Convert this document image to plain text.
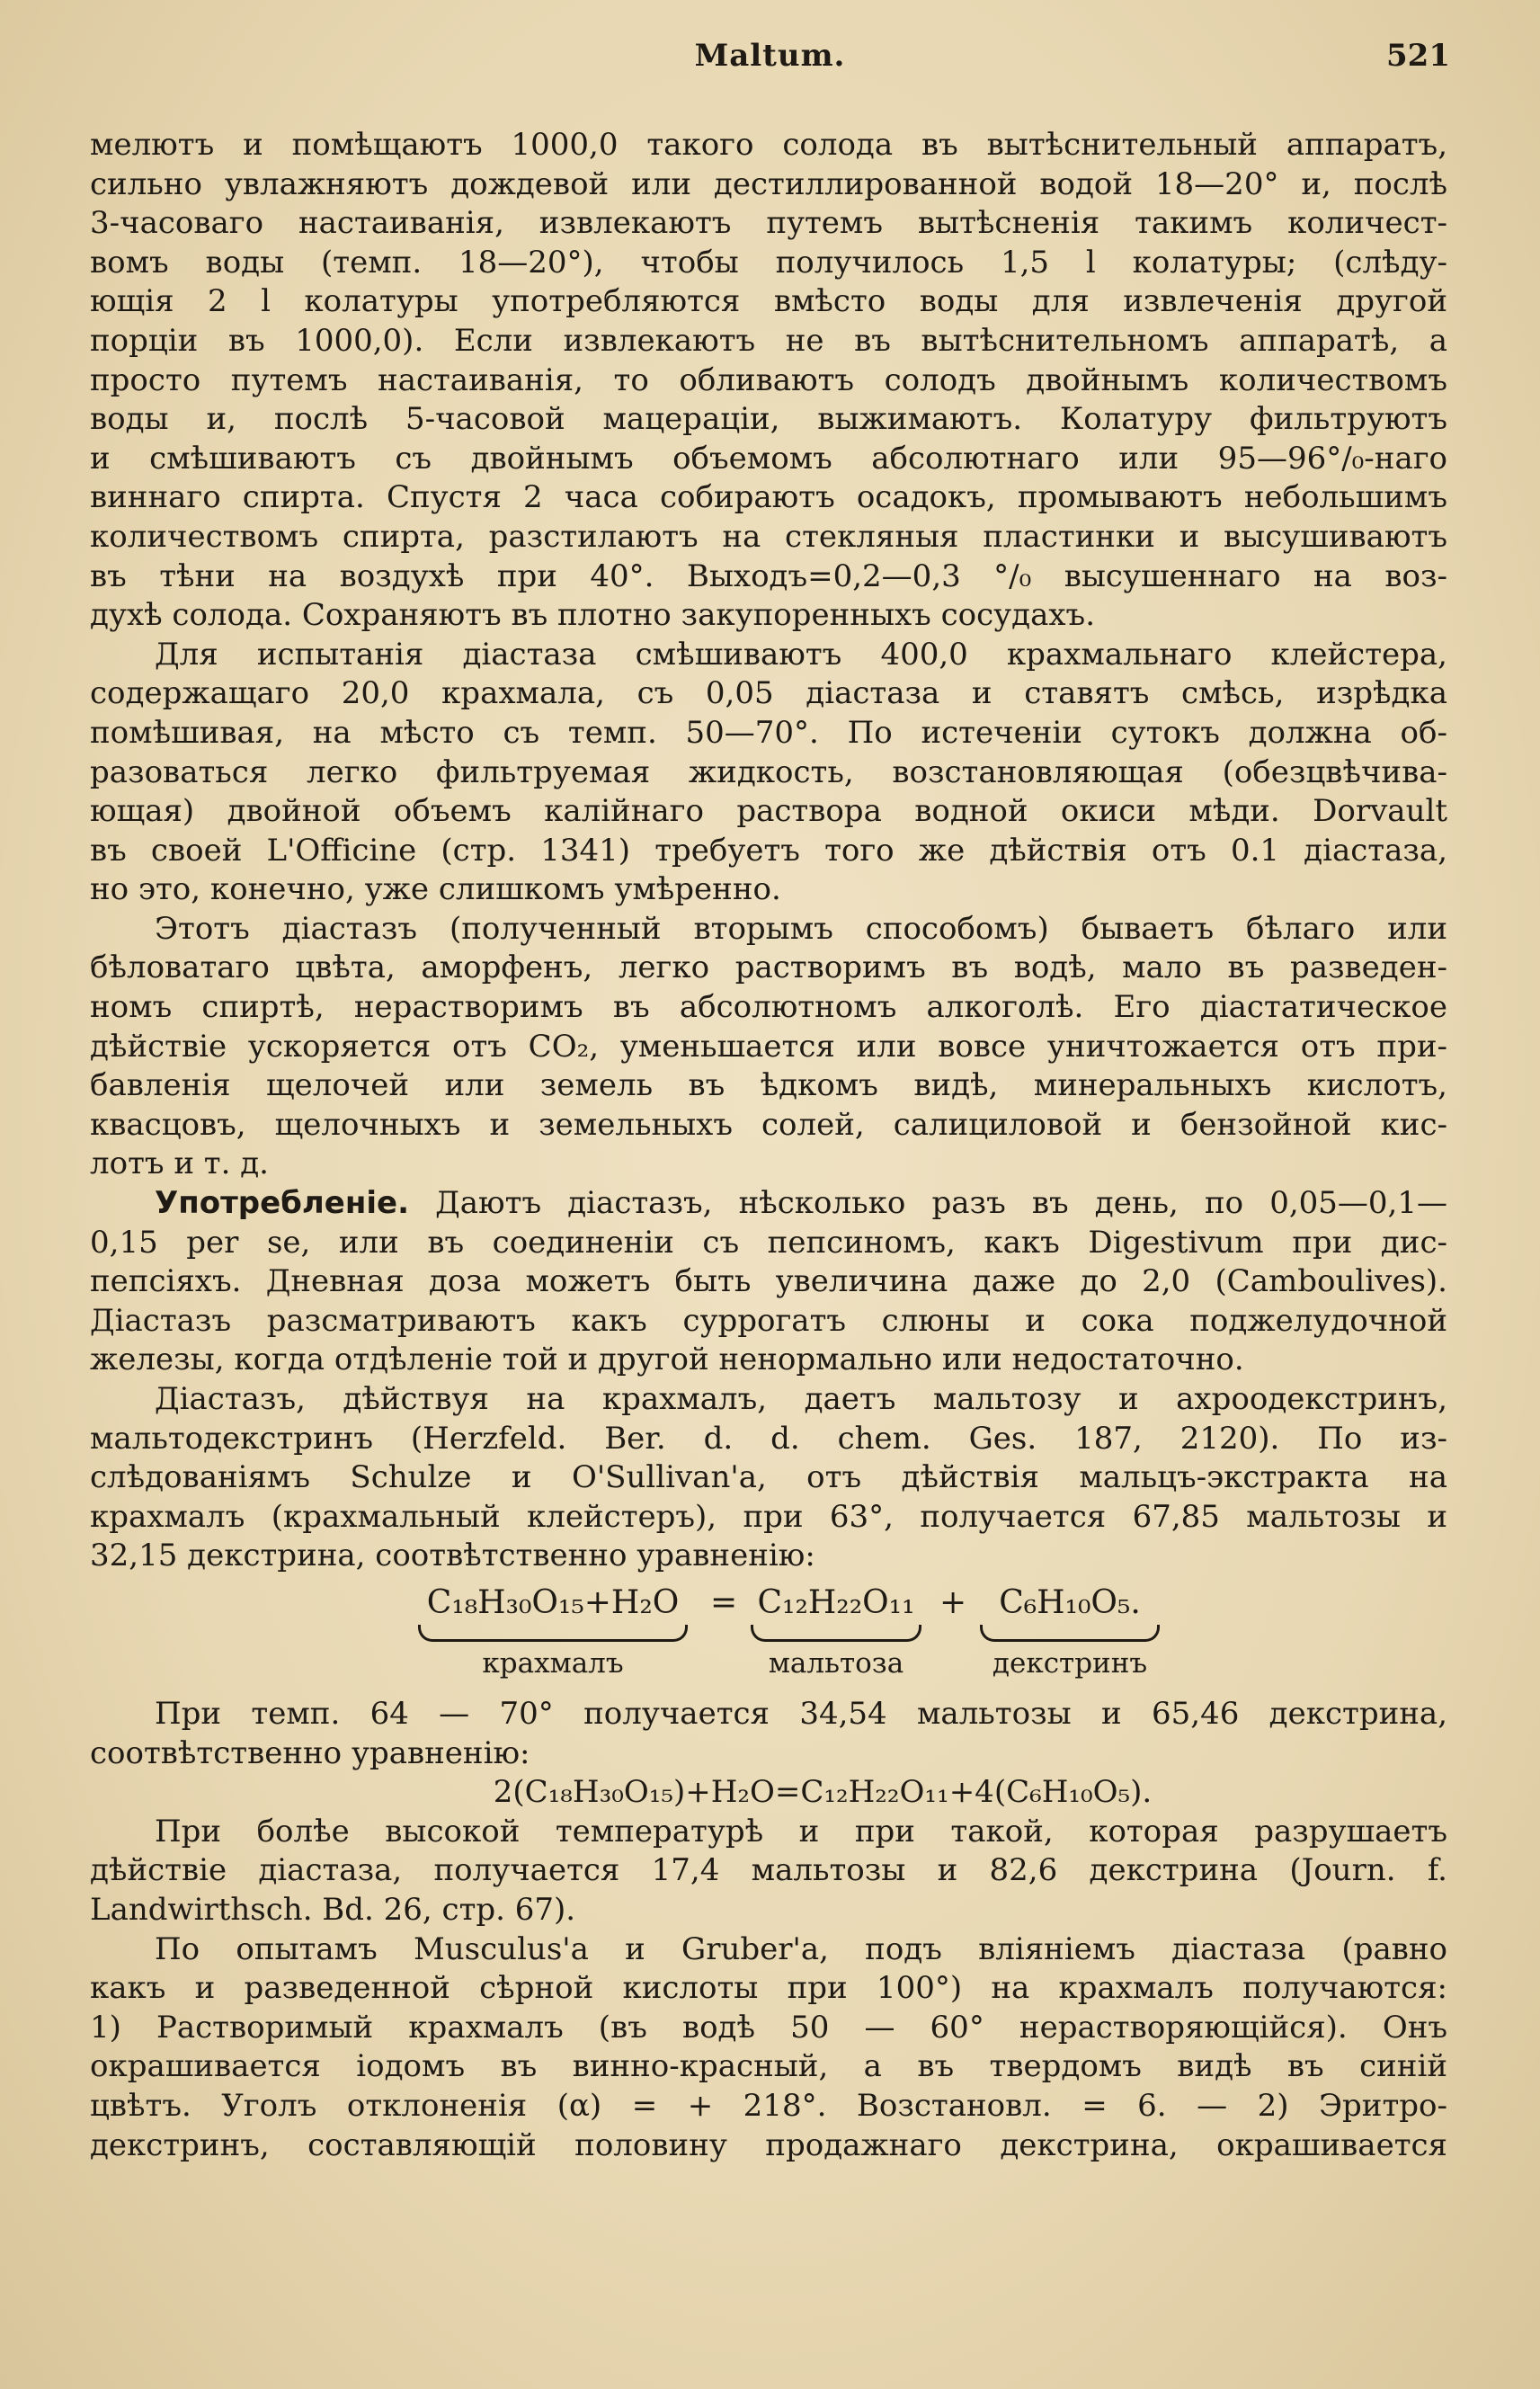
Maltum.	521
мелютъ и помѣщаютъ 1000,0 такого солода въ вытѣснительный аппаратъ,
сильно увлажняютъ дождевой или дестиллированной водой 18—20° и, послѣ
3-часоваго настаиванія, извлекаютъ путемъ вытѣсненія такимъ количест-
вомъ воды (темп. 18—20°), чтобы получилось 1,5 l колатуры; (слѣду-
ющія 2 l колатуры употребляются вмѣсто воды для извлеченія другой
порціи въ 1000,0). Если извлекаютъ не въ вытѣснительномъ аппаратѣ, а
просто путемъ настаиванія, то обливаютъ солодъ двойнымъ количествомъ
воды и, послѣ 5-часовой мацераціи, выжимаютъ. Колатуру фильтруютъ
и смѣшиваютъ съ двойнымъ объемомъ абсолютнаго или 95—96°/₀-наго
виннаго спирта. Спустя 2 часа собираютъ осадокъ, промываютъ небольшимъ
количествомъ спирта, разстилаютъ на стекляныя пластинки и высушиваютъ
въ тѣни на воздухѣ при 40°. Выходъ=0,2—0,3 °/₀ высушеннаго на воз-
духѣ солода. Сохраняютъ въ плотно закупоренныхъ сосудахъ.
Для испытанія діастаза смѣшиваютъ 400,0 крахмальнаго клейстера,
содержащаго 20,0 крахмала, съ 0,05 діастаза и ставятъ смѣсь, изрѣдка
помѣшивая, на мѣсто съ темп. 50—70°. По истеченіи сутокъ должна об-
разоваться легко фильтруемая жидкость, возстановляющая (обезцвѣчива-
ющая) двойной объемъ калійнаго раствора водной окиси мѣди. Dorvault
въ своей L'Officine (стр. 1341) требуетъ того же дѣйствія отъ 0.1 діастаза,
но это, конечно, уже слишкомъ умѣренно.
Этотъ діастазъ (полученный вторымъ способомъ) бываетъ бѣлаго или
бѣловатаго цвѣта, аморфенъ, легко растворимъ въ водѣ, мало въ разведен-
номъ спиртѣ, нерастворимъ въ абсолютномъ алкоголѣ. Его діастатическое
дѣйствіе ускоряется отъ CO₂, уменьшается или вовсе уничтожается отъ при-
бавленія щелочей или земель въ ѣдкомъ видѣ, минеральныхъ кислотъ,
квасцовъ, щелочныхъ и земельныхъ солей, салициловой и бензойной кис-
лотъ и т. д.
Употребленіе. Даютъ діастазъ, нѣсколько разъ въ день, по 0,05—0,1—
0,15 per se, или въ соединеніи съ пепсиномъ, какъ Digestivum при дис-
пепсіяхъ. Дневная доза можетъ быть увеличина даже до 2,0 (Camboulives).
Діастазъ разсматриваютъ какъ суррогатъ слюны и сока поджелудочной
железы, когда отдѣленіе той и другой ненормально или недостаточно.
Діастазъ, дѣйствуя на крахмалъ, даетъ мальтозу и ахроодекстринъ,
мальтодекстринъ (Herzfeld. Ber. d. d. chem. Ges. 187, 2120). По из-
слѣдованіямъ Schulze и O'Sullivan'a, отъ дѣйствія мальцъ-экстракта на
крахмалъ (крахмальный клейстеръ), при 63°, получается 67,85 мальтозы и
32,15 декстрина, соотвѣтственно уравненію:
C₁₈H₃₀O₁₅+H₂O
крахмалъ
= C₁₂H₂₂O₁₁
мальтоза
+	C₆H₁₀O₅.
декстринъ
При темп. 64 — 70° получается 34,54 мальтозы и 65,46 декстрина,
соотвѣтственно уравненію:
2(C₁₈H₃₀O₁₅)+H₂O=C₁₂H₂₂O₁₁+4(C₆H₁₀O₅).
При болѣе высокой температурѣ и при такой, которая разрушаетъ
дѣйствіе діастаза, получается 17,4 мальтозы и 82,6 декстрина (Journ. f.
Landwirthsch. Bd. 26, стр. 67).
По опытамъ Musculus'a и Gruber'a, подъ вліяніемъ діастаза (равно
какъ и разведенной сѣрной кислоты при 100°) на крахмалъ получаются:
1) Растворимый крахмалъ (въ водѣ 50 — 60° нерастворяющійся). Онъ
окрашивается іодомъ въ винно-красный, а въ твердомъ видѣ въ синій
цвѣтъ. Уголъ отклоненія (α) = + 218°. Возстановл. = 6. — 2) Эритро-
декстринъ, составляющій половину продажнаго декстрина, окрашивается
